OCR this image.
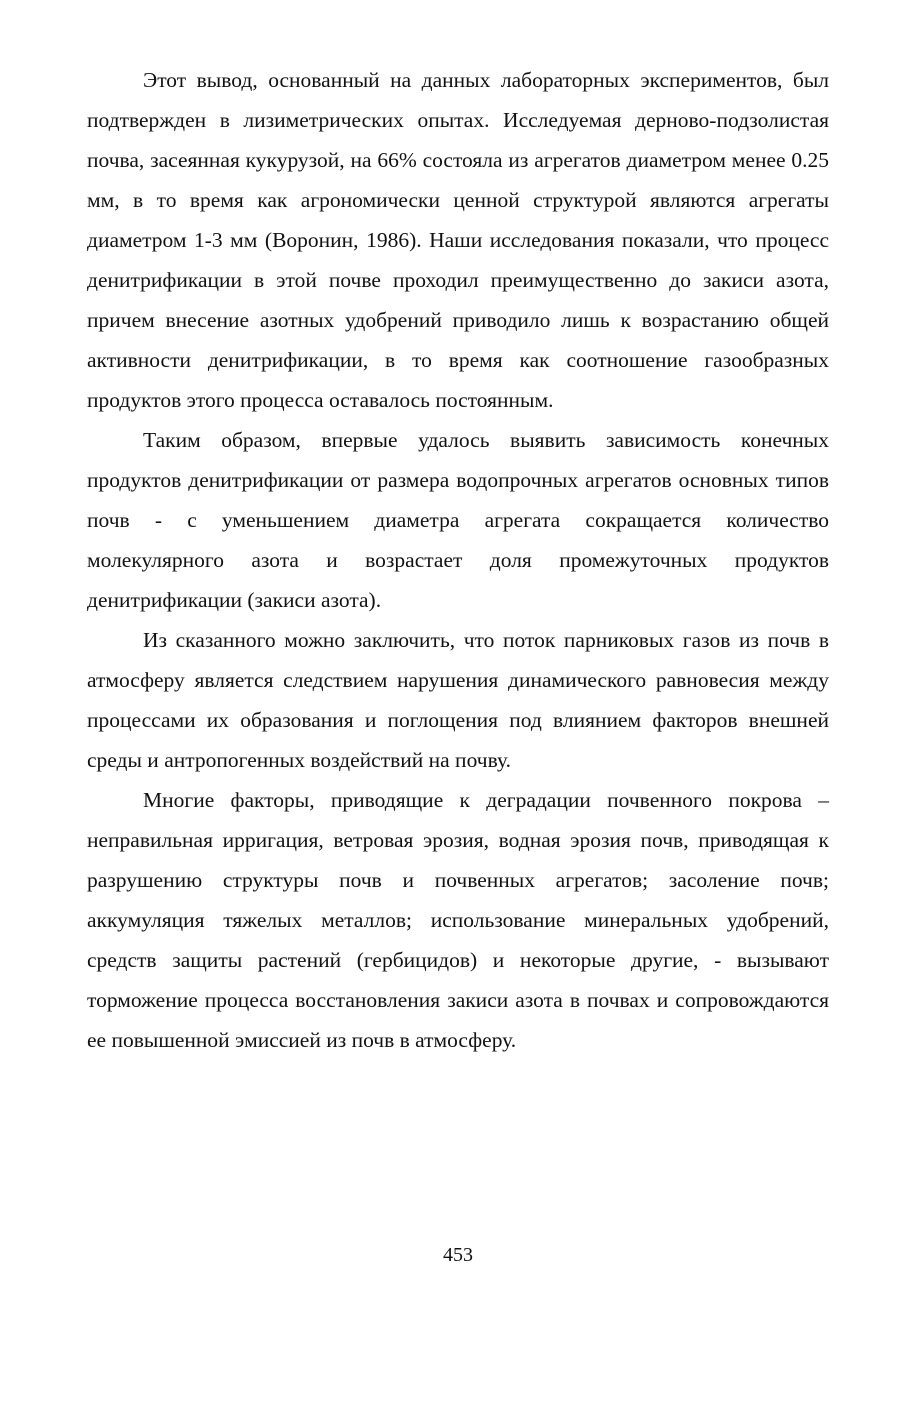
Этот вывод, основанный на данных лабораторных экспериментов, был подтвержден в лизиметрических опытах. Исследуемая дерново-подзолистая почва, засеянная кукурузой, на 66% состояла из агрегатов диаметром менее 0.25 мм, в то время как агрономически ценной структурой являются агрегаты диаметром 1-3 мм (Воронин, 1986). Наши исследования показали, что процесс денитрификации в этой почве проходил преимущественно до закиси азота, причем внесение азотных удобрений приводило лишь к возрастанию общей активности денитрификации, в то время как соотношение газообразных продуктов этого процесса оставалось постоянным.

Таким образом, впервые удалось выявить зависимость конечных продуктов денитрификации от размера водопрочных агрегатов основных типов почв - с уменьшением диаметра агрегата сокращается количество молекулярного азота и возрастает доля промежуточных продуктов денитрификации (закиси азота).

Из сказанного можно заключить, что поток парниковых газов из почв в атмосферу является следствием нарушения динамического равновесия между процессами их образования и поглощения под влиянием факторов внешней среды и антропогенных воздействий на почву.

Многие факторы, приводящие к деградации почвенного покрова – неправильная ирригация, ветровая эрозия, водная эрозия почв, приводящая к разрушению структуры почв и почвенных агрегатов; засоление почв; аккумуляция тяжелых металлов; использование минеральных удобрений, средств защиты растений (гербицидов) и некоторые другие, - вызывают торможение процесса восстановления закиси азота в почвах и сопровождаются ее повышенной эмиссией из почв в атмосферу.

453
